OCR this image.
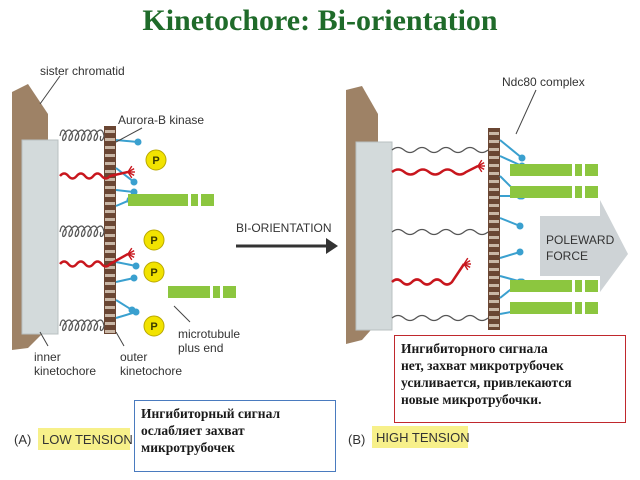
Kinetochore: Bi-orientation
P
P
P
P
sister chromatid
Aurora-B kinase
BI-ORIENTATION
Ndc80 complex
microtubule
plus end
inner
kinetochore
outer
kinetochore
POLEWARD
FORCE
(A) LOW TENSION	(B) HIGH TENSION
Ингибиторный сигнал
ослабляет захват
микротрубочек
Ингибиторного сигнала
нет, захват микротрубочек
усиливается, привлекаются
новые микротрубочки.
